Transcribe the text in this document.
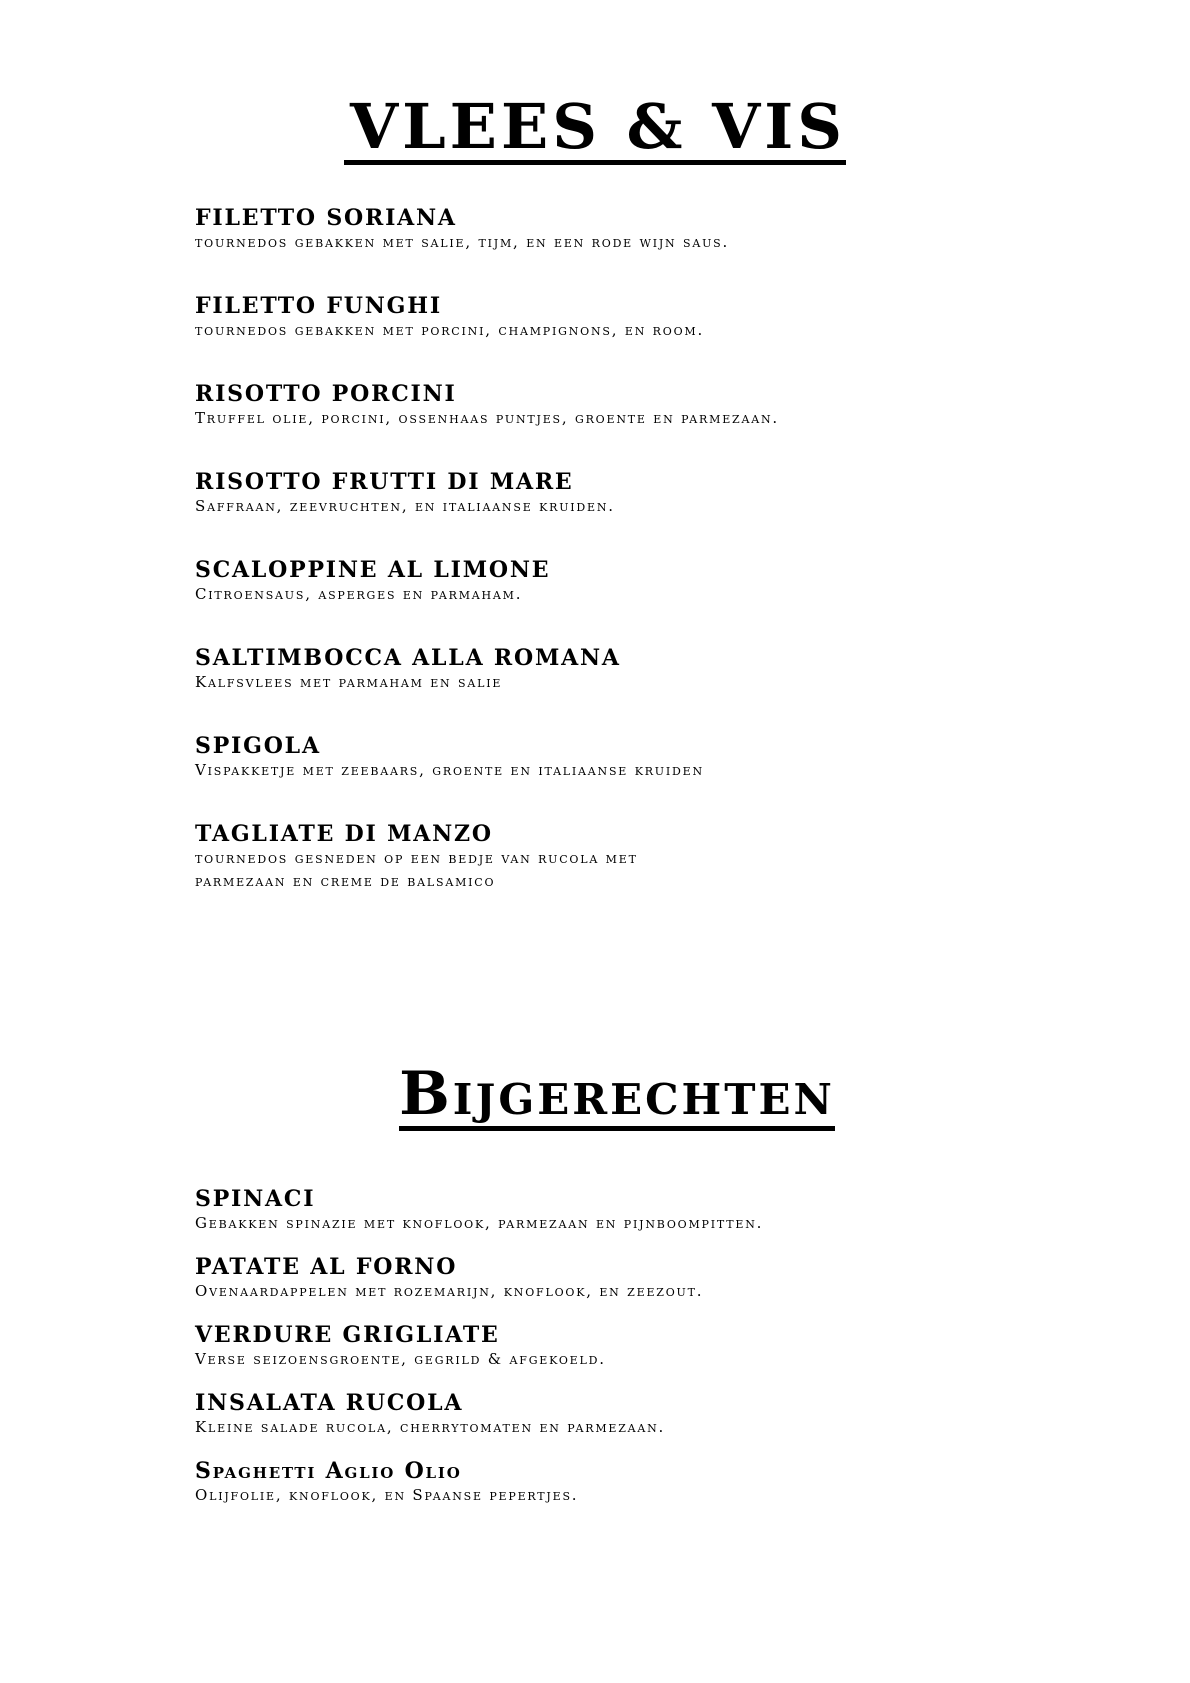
VLEES & VIS

FILETTO SORIANA

tournedos gebakken met salie, tijm, en een rode wijn saus.

FILETTO FUNGHI

tournedos gebakken met porcini, champignons, en room.

RISOTTO PORCINI

Truffel olie, porcini, ossenhaas puntjes, groente en parmezaan.

RISOTTO FRUTTI DI MARE

Saffraan, zeevruchten, en italiaanse kruiden.

SCALOPPINE AL LIMONE

Citroensaus, asperges en parmaham.

SALTIMBOCCA ALLA ROMANA

Kalfsvlees met parmaham en salie

SPIGOLA

Vispakketje met zeebaars, groente en italiaanse kruiden

TAGLIATE DI MANZO

tournedos gesneden op een bedje van rucola met
parmezaan en creme de balsamico

Bijgerechten

SPINACI

Gebakken spinazie met knoflook, parmezaan en pijnboompitten.

PATATE AL FORNO

Ovenaardappelen met rozemarijn, knoflook, en zeezout.

VERDURE GRIGLIATE

Verse seizoensgroente, gegrild & afgekoeld.

INSALATA RUCOLA

Kleine salade rucola, cherrytomaten en parmezaan.

Spaghetti Aglio Olio

Olijfolie, knoflook, en Spaanse pepertjes.
